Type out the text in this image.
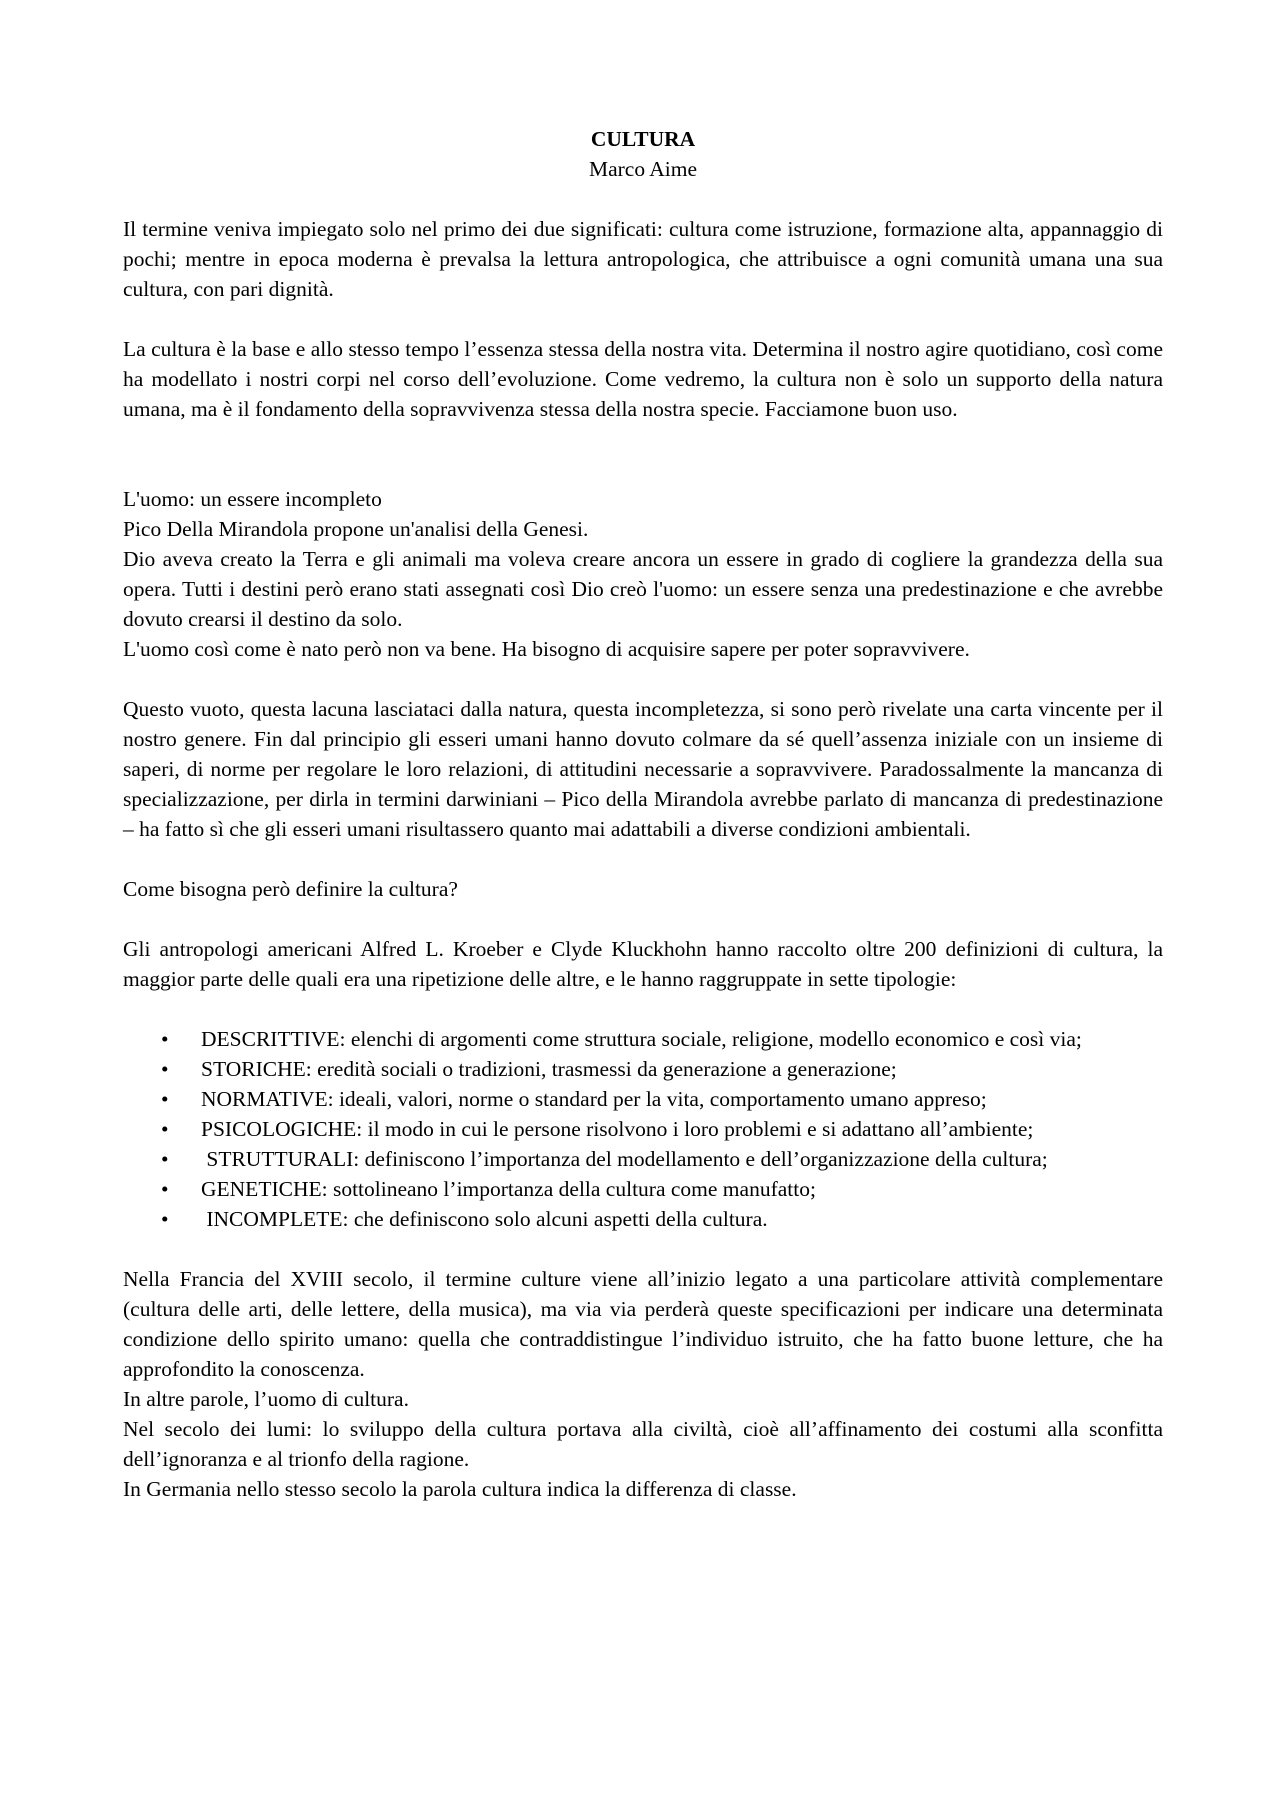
CULTURA
Marco Aime

Il termine veniva impiegato solo nel primo dei due significati: cultura come istruzione, formazione alta, appannaggio di pochi; mentre in epoca moderna è prevalsa la lettura antropologica, che attribuisce a ogni comunità umana una sua cultura, con pari dignità.

La cultura è la base e allo stesso tempo l’essenza stessa della nostra vita. Determina il nostro agire quotidiano, così come ha modellato i nostri corpi nel corso dell’evoluzione. Come vedremo, la cultura non è solo un supporto della natura umana, ma è il fondamento della sopravvivenza stessa della nostra specie. Facciamone buon uso.

L'uomo: un essere incompleto
Pico Della Mirandola propone un'analisi della Genesi.

Dio aveva creato la Terra e gli animali ma voleva creare ancora un essere in grado di cogliere la grandezza della sua opera. Tutti i destini però erano stati assegnati così Dio creò l'uomo: un essere senza una predestinazione e che avrebbe dovuto crearsi il destino da solo.

L'uomo così come è nato però non va bene. Ha bisogno di acquisire sapere per poter sopravvivere.

Questo vuoto, questa lacuna lasciataci dalla natura, questa incompletezza, si sono però rivelate una carta vincente per il nostro genere. Fin dal principio gli esseri umani hanno dovuto colmare da sé quell’assenza iniziale con un insieme di saperi, di norme per regolare le loro relazioni, di attitudini necessarie a sopravvivere. Paradossalmente la mancanza di specializzazione, per dirla in termini darwiniani – Pico della Mirandola avrebbe parlato di mancanza di predestinazione – ha fatto sì che gli esseri umani risultassero quanto mai adattabili a diverse condizioni ambientali.

Come bisogna però definire la cultura?

Gli antropologi americani Alfred L. Kroeber e Clyde Kluckhohn hanno raccolto oltre 200 definizioni di cultura, la maggior parte delle quali era una ripetizione delle altre, e le hanno raggruppate in sette tipologie:

• DESCRITTIVE: elenchi di argomenti come struttura sociale, religione, modello economico e così via;
• STORICHE: eredità sociali o tradizioni, trasmessi da generazione a generazione;
• NORMATIVE: ideali, valori, norme o standard per la vita, comportamento umano appreso;
• PSICOLOGICHE: il modo in cui le persone risolvono i loro problemi e si adattano all’ambiente;
• STRUTTURALI: definiscono l’importanza del modellamento e dell’organizzazione della cultura;
• GENETICHE: sottolineano l’importanza della cultura come manufatto;
• INCOMPLETE: che definiscono solo alcuni aspetti della cultura.

Nella Francia del XVIII secolo, il termine culture viene all’inizio legato a una particolare attività complementare (cultura delle arti, delle lettere, della musica), ma via via perderà queste specificazioni per indicare una determinata condizione dello spirito umano: quella che contraddistingue l’individuo istruito, che ha fatto buone letture, che ha approfondito la conoscenza.

In altre parole, l’uomo di cultura.

Nel secolo dei lumi: lo sviluppo della cultura portava alla civiltà, cioè all’affinamento dei costumi alla sconfitta dell’ignoranza e al trionfo della ragione.

In Germania nello stesso secolo la parola cultura indica la differenza di classe.
